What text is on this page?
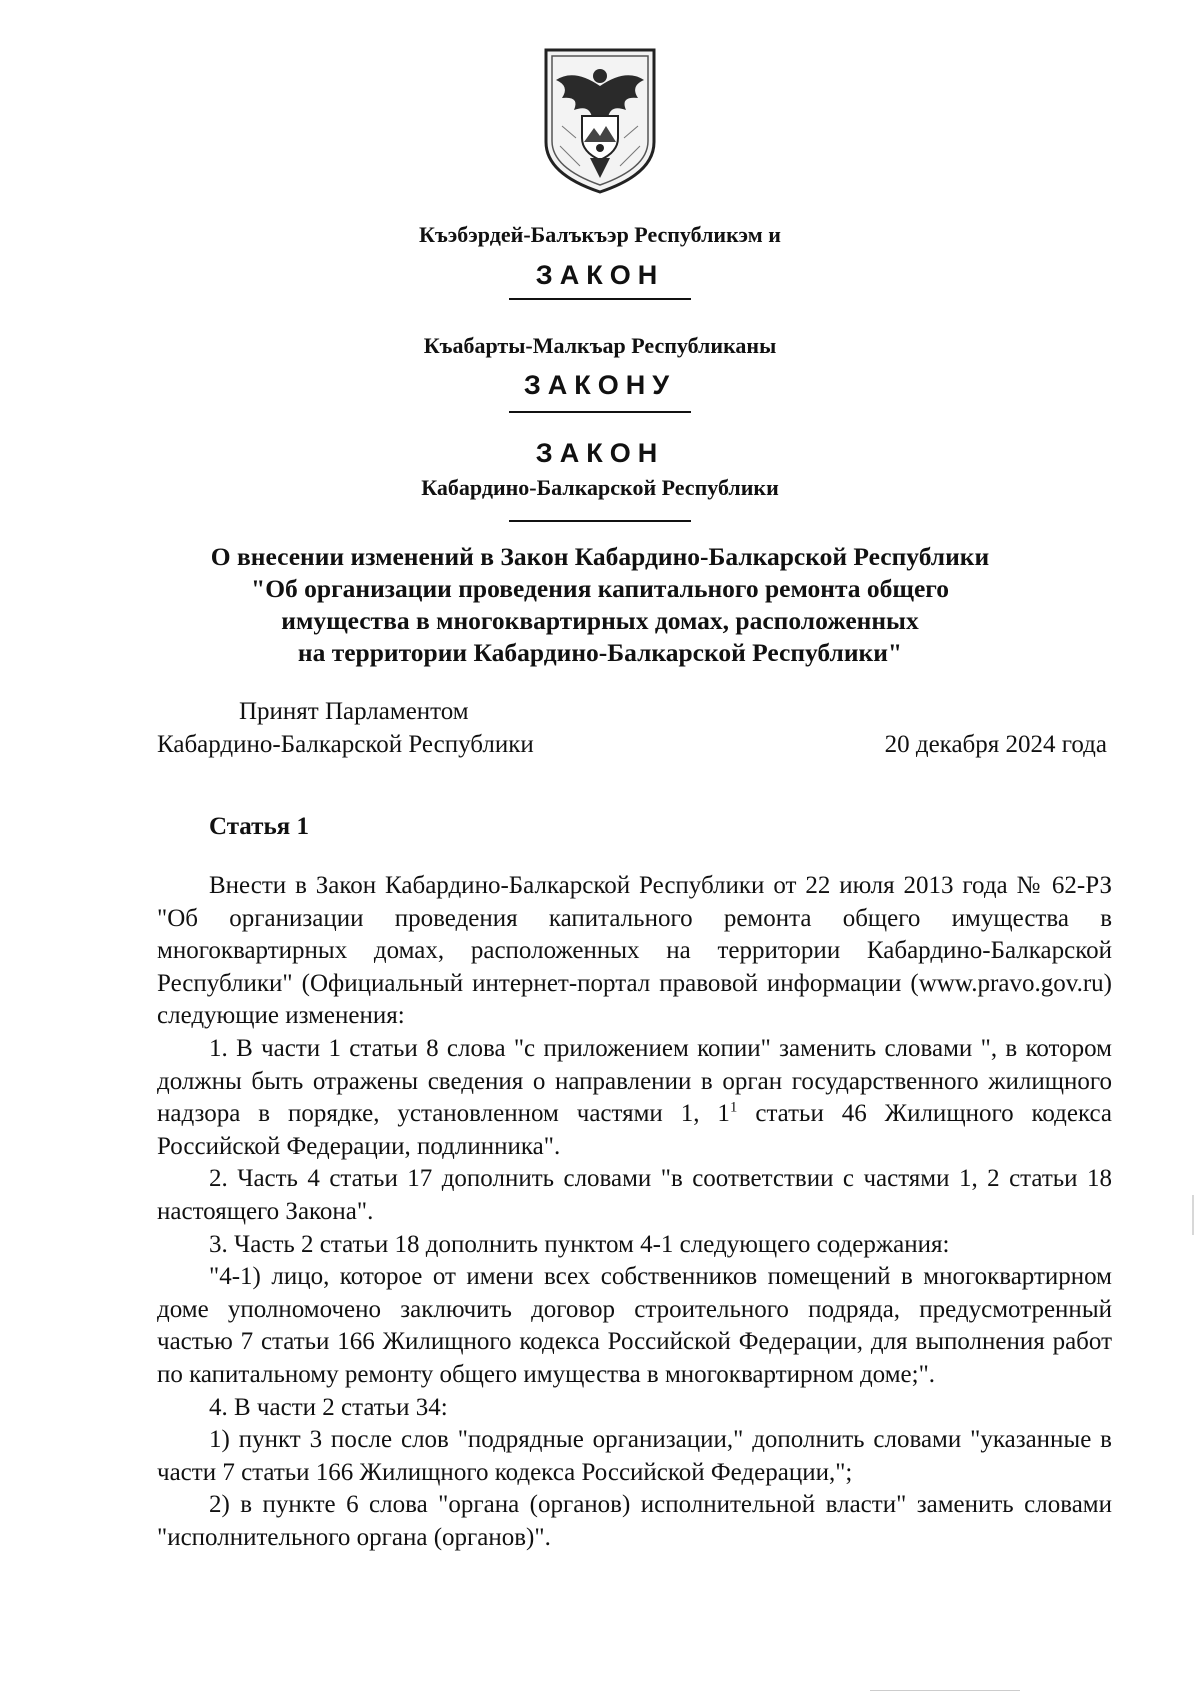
Къэбэрдей-Балъкъэр Республикэм и
ЗАКОН
Къабарты-Малкъар Республиканы
ЗАКОНУ
ЗАКОН
Кабардино-Балкарской Республики
О внесении изменений в Закон Кабардино-Балкарской Республики
"Об организации проведения капитального ремонта общего
имущества в многоквартирных домах, расположенных
на территории Кабардино-Балкарской Республики"
Принят Парламентом
Кабардино-Балкарской Республики	20 декабря 2024 года
Статья 1

Внести в Закон Кабардино-Балкарской Республики от 22 июля 2013 года № 62-РЗ "Об организации проведения капитального ремонта общего имущества в многоквартирных домах, расположенных на территории Кабардино-Балкарской Республики" (Официальный интернет-портал правовой информации (www.pravo.gov.ru) следующие изменения:

1. В части 1 статьи 8 слова "с приложением копии" заменить словами ", в котором должны быть отражены сведения о направлении в орган государственного жилищного надзора в порядке, установленном частями 1, $1^1$ статьи 46 Жилищного кодекса Российской Федерации, подлинника".

2. Часть 4 статьи 17 дополнить словами "в соответствии с частями 1, 2 статьи 18 настоящего Закона".

3. Часть 2 статьи 18 дополнить пунктом 4-1 следующего содержания:

"4-1) лицо, которое от имени всех собственников помещений в многоквартирном доме уполномочено заключить договор строительного подряда, предусмотренный частью 7 статьи 166 Жилищного кодекса Российской Федерации, для выполнения работ по капитальному ремонту общего имущества в многоквартирном доме;".

4. В части 2 статьи 34:

1) пункт 3 после слов "подрядные организации," дополнить словами "указанные в части 7 статьи 166 Жилищного кодекса Российской Федерации,";

2) в пункте 6 слова "органа (органов) исполнительной власти" заменить словами "исполнительного органа (органов)".
